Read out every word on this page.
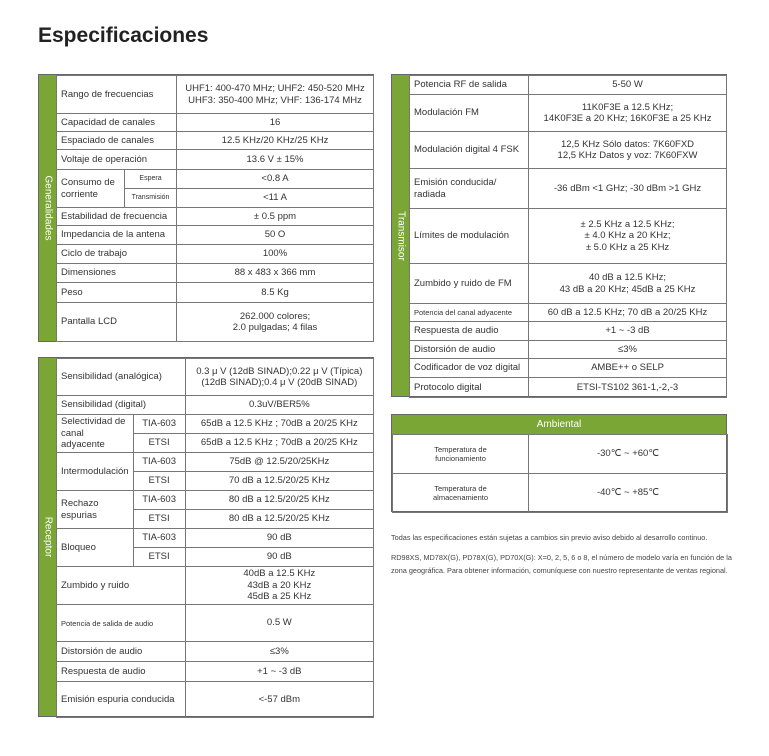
Especificaciones
Generalidades
Rango de frecuencias		UHF1: 400-470 MHz; UHF2: 450-520 MHz
UHF3: 350-400 MHz; VHF: 136-174 MHz
Capacidad de canales		16
Espaciado de canales		12.5 KHz/20 KHz/25 KHz
Voltaje de operación		13.6 V ± 15%
Consumo de corriente	Espera	<0.8 A
	Transmisión	<11 A
Estabilidad de frecuencia		± 0.5 ppm
Impedancia de la antena		50 O
Ciclo de trabajo		100%
Dimensiones		88 x 483 x 366 mm
Peso		8.5 Kg
Pantalla LCD		262.000 colores;
2.0 pulgadas; 4 filas
Receptor
Sensibilidad (analógica)		0.3 μ V (12dB SINAD);0.22 μ V (Típica)
(12dB SINAD);0.4 μ V (20dB SINAD)
Sensibilidad (digital)		0.3uV/BER5%
Selectividad de canal adyacente	TIA-603	65dB a 12.5 KHz ; 70dB a 20/25 KHz
	ETSI	65dB a 12.5 KHz ; 70dB a 20/25 KHz
Intermodulación	TIA-603	75dB @ 12.5/20/25KHz
	ETSI	70 dB a 12.5/20/25 KHz
Rechazo espurias	TIA-603	80 dB a 12.5/20/25 KHz
	ETSI	80 dB a 12.5/20/25 KHz
Bloqueo	TIA-603	90 dB
	ETSI	90 dB
Zumbido y ruido		40dB a 12.5 KHz
43dB a 20 KHz
45dB a 25 KHz
Potencia de salida de audio		0.5 W
Distorsión de audio		≤3%
Respuesta de audio		+1 ~ -3 dB
Emisión espuria conducida		<-57 dBm
Transmisor
Potencia RF de salida	5-50 W
Modulación FM	11K0F3E a 12.5 KHz;
14K0F3E a 20 KHz; 16K0F3E a 25 KHz
Modulación digital 4 FSK	12,5 KHz Sólo datos: 7K60FXD
12,5 KHz Datos y voz: 7K60FXW
Emisión conducida/ radiada	-36 dBm <1 GHz; -30 dBm >1 GHz
Límites de modulación	± 2.5 KHz a 12.5 KHz;
± 4.0 KHz a 20 KHz;
± 5.0 KHz a 25 KHz
Zumbido y ruido de FM	40 dB a 12.5 KHz;
43 dB a 20 KHz; 45dB a 25 KHz
Potencia del canal adyacente	60 dB a 12.5 KHz; 70 dB a 20/25 KHz
Respuesta de audio	+1 ~ -3 dB
Distorsión de audio	≤3%
Codificador de voz digital	AMBE++ o SELP
Protocolo digital	ETSI-TS102 361-1,-2,-3
Ambiental
Temperatura de
funcionamiento	-30℃ ~ +60℃
Temperatura de
almacenamiento	-40℃ ~ +85℃
Todas las especificaciones están sujetas a cambios sin previo aviso debido al desarrollo continuo.
RD98XS, MD78X(G), PD78X(G), PD70X(G): X=0, 2, 5, 6 o 8, el número de modelo varía en función de la zona geográfica. Para obtener información, comuníquese con nuestro representante de ventas regional.
